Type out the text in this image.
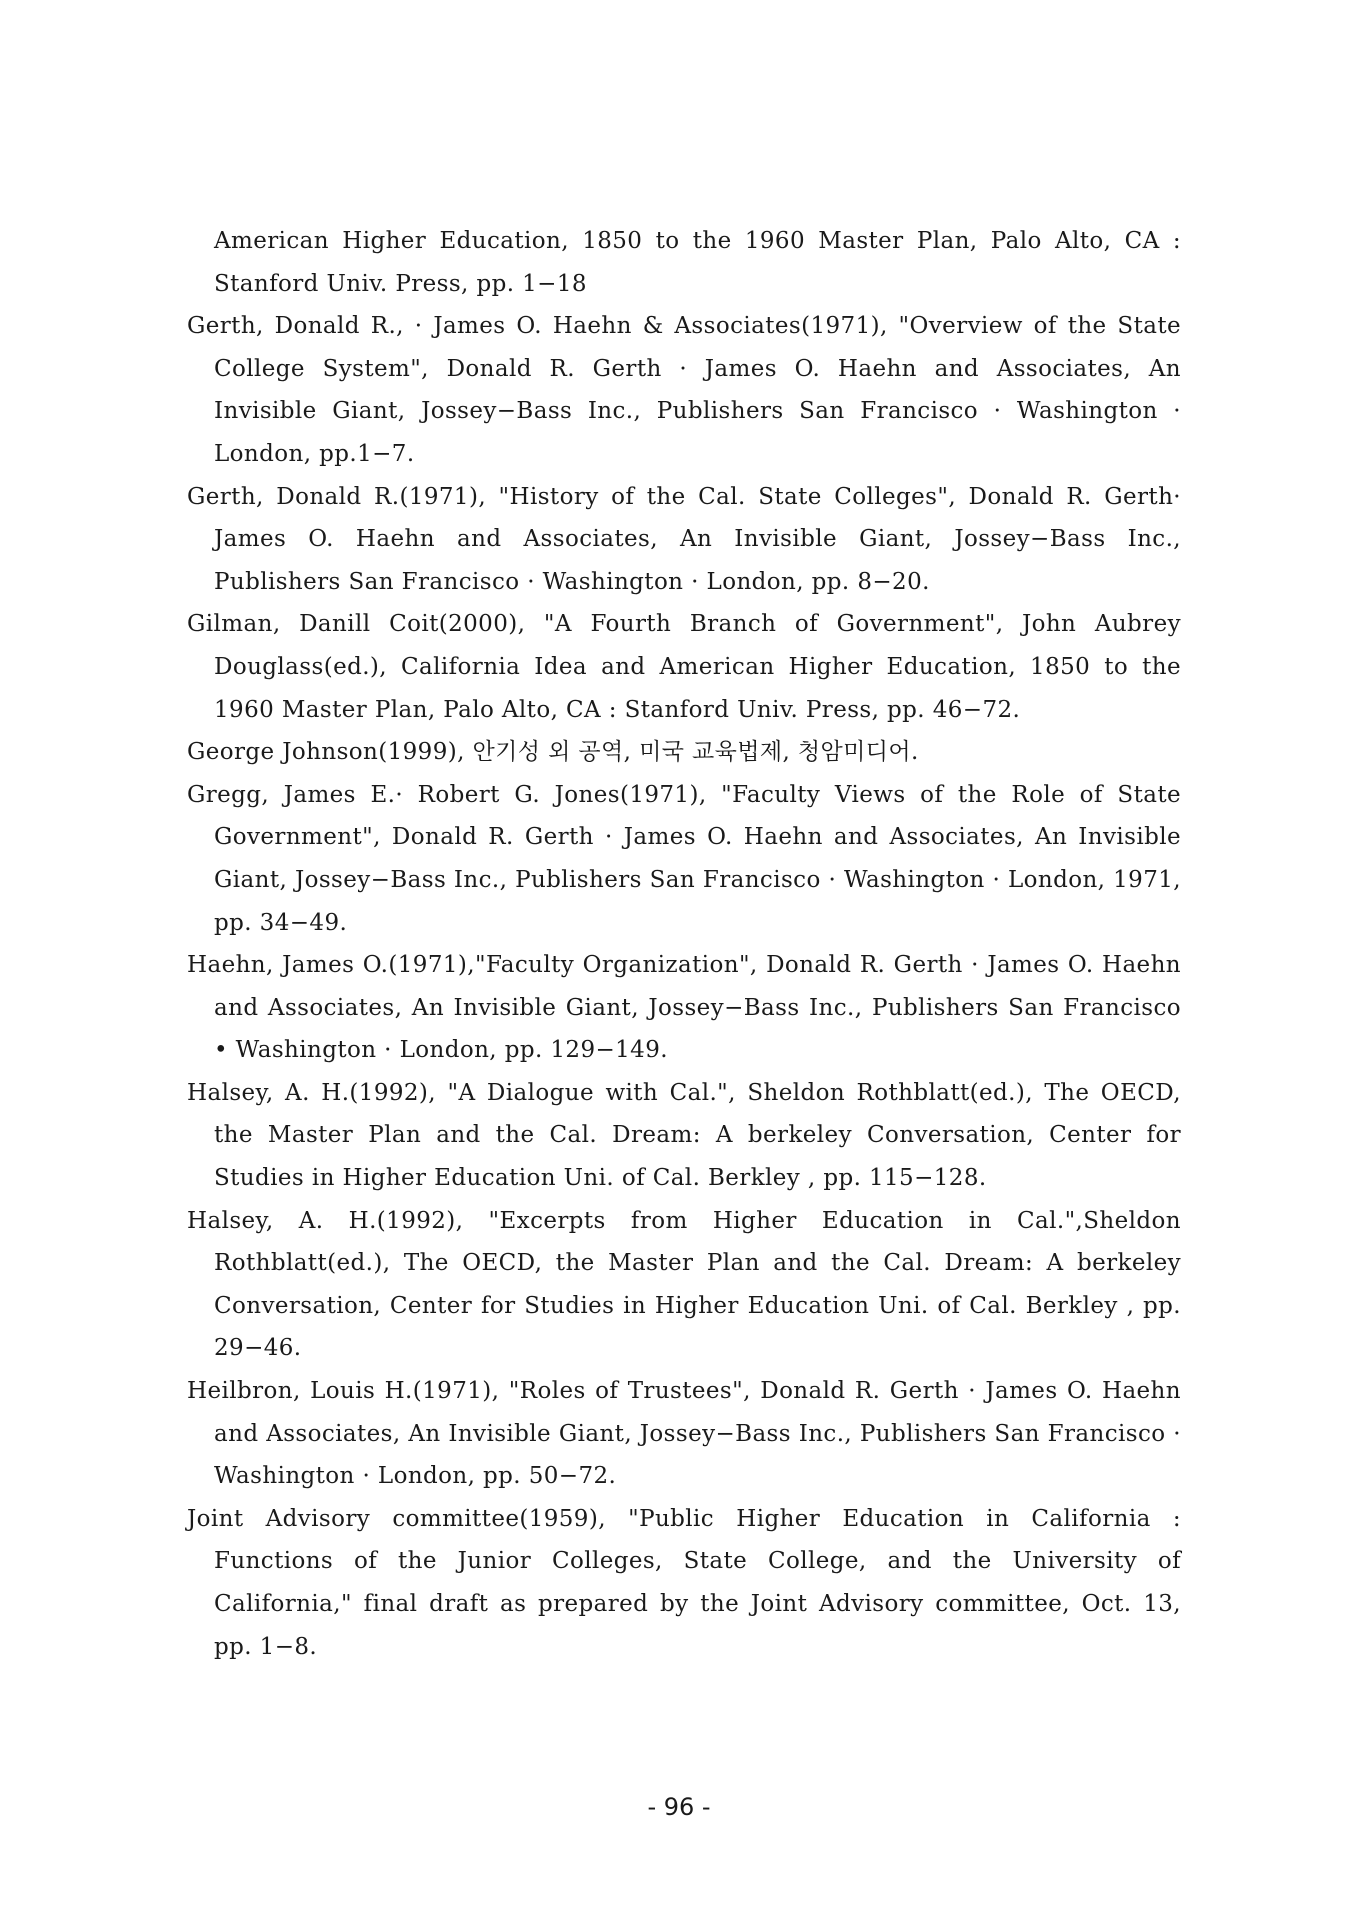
American Higher Education, 1850 to the 1960 Master Plan, Palo Alto, CA : Stanford Univ. Press, pp. 1−18

Gerth, Donald R., · James O. Haehn & Associates(1971), "Overview of the State College System", Donald R. Gerth · James O. Haehn and Associates, An Invisible Giant, Jossey−Bass Inc., Publishers San Francisco · Washington · London, pp.1−7.

Gerth, Donald R.(1971), "History of the Cal. State Colleges", Donald R. Gerth· James O. Haehn and Associates, An Invisible Giant, Jossey−Bass Inc., Publishers San Francisco · Washington · London, pp. 8−20.

Gilman, Danill Coit(2000), "A Fourth Branch of Government", John Aubrey Douglass(ed.), California Idea and American Higher Education, 1850 to the 1960 Master Plan, Palo Alto, CA : Stanford Univ. Press, pp. 46−72.

George Johnson(1999), 안기성 외 공역, 미국 교육법제, 청암미디어.

Gregg, James E.· Robert G. Jones(1971), "Faculty Views of the Role of State Government", Donald R. Gerth · James O. Haehn and Associates, An Invisible Giant, Jossey−Bass Inc., Publishers San Francisco · Washington · London, 1971, pp. 34−49.

Haehn, James O.(1971),"Faculty Organization", Donald R. Gerth · James O. Haehn and Associates, An Invisible Giant, Jossey−Bass Inc., Publishers San Francisco • Washington · London, pp. 129−149.

Halsey, A. H.(1992), "A Dialogue with Cal.", Sheldon Rothblatt(ed.), The OECD, the Master Plan and the Cal. Dream: A berkeley Conversation, Center for Studies in Higher Education Uni. of Cal. Berkley , pp. 115−128.

Halsey, A. H.(1992), "Excerpts from Higher Education in Cal.",Sheldon Rothblatt(ed.), The OECD, the Master Plan and the Cal. Dream: A berkeley Conversation, Center for Studies in Higher Education Uni. of Cal. Berkley , pp. 29−46.

Heilbron, Louis H.(1971), "Roles of Trustees", Donald R. Gerth · James O. Haehn and Associates, An Invisible Giant, Jossey−Bass Inc., Publishers San Francisco · Washington · London, pp. 50−72.

Joint Advisory committee(1959), "Public Higher Education in California : Functions of the Junior Colleges, State College, and the University of California," final draft as prepared by the Joint Advisory committee, Oct. 13, pp. 1−8.

- 96 -
